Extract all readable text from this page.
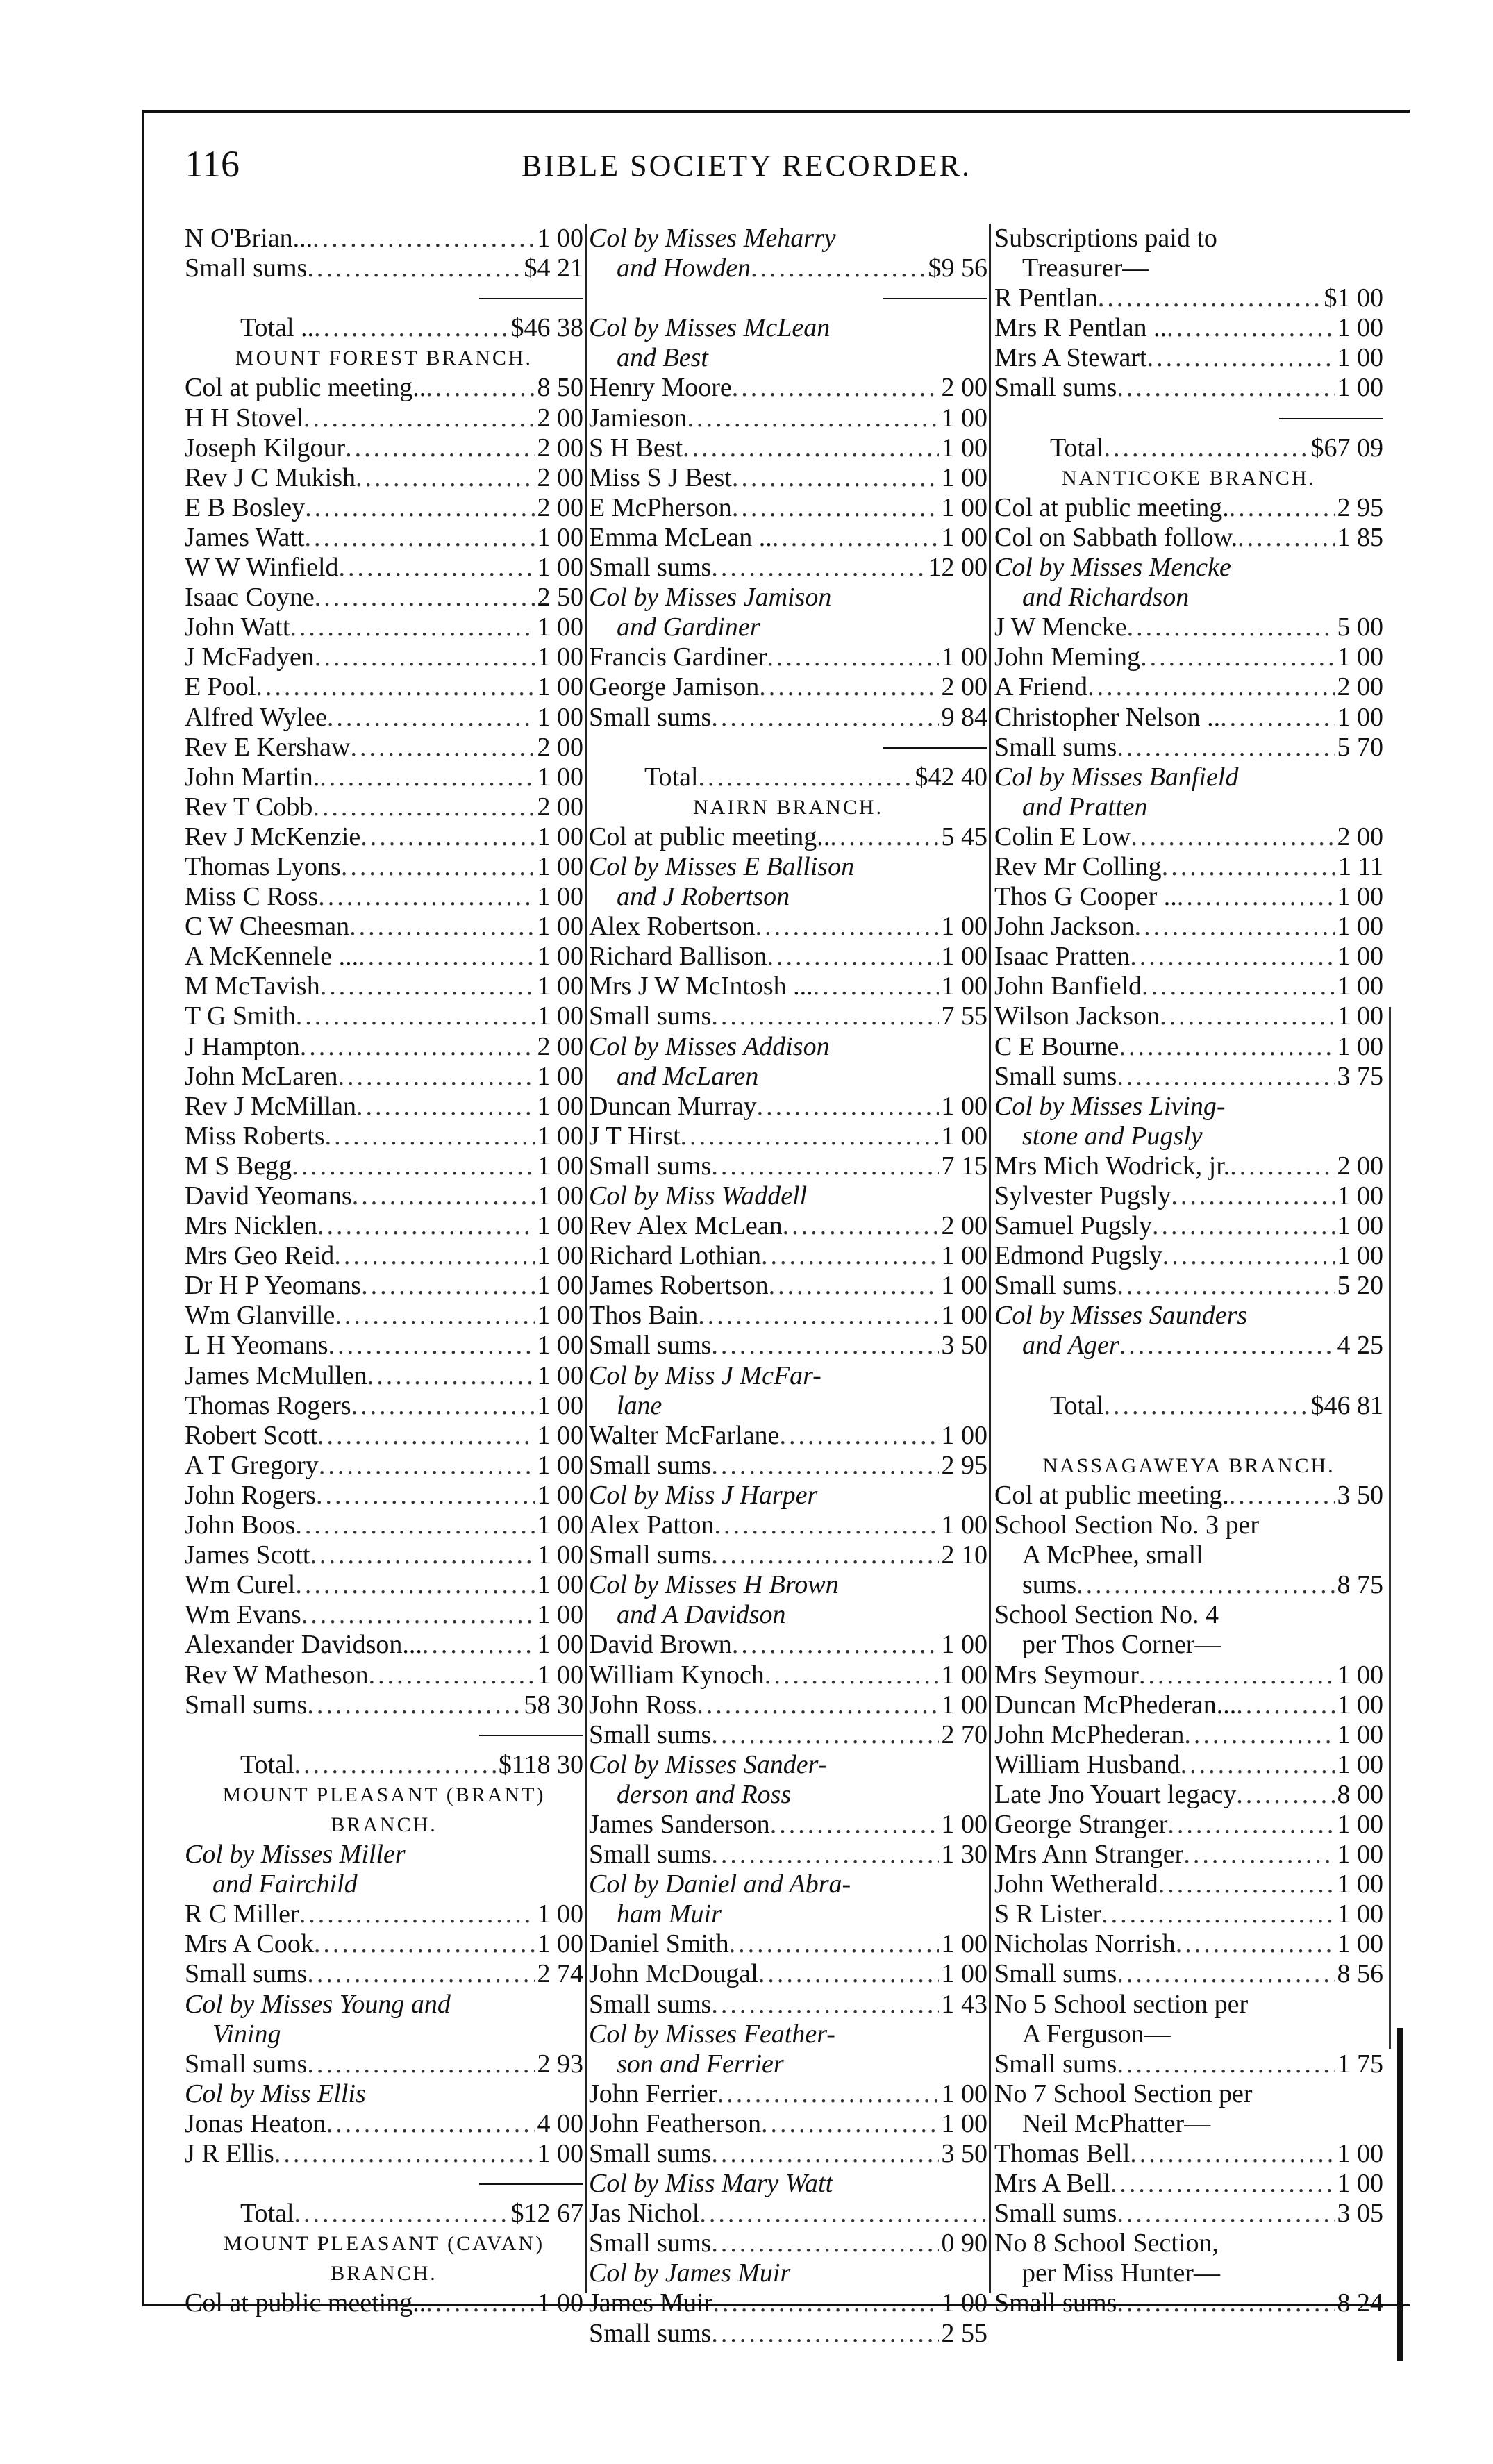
116	BIBLE SOCIETY RECORDER.
N O'Brian... .....	1 00
Small sums .....	$4 21
Total .. .....	$46 38
MOUNT FOREST BRANCH.
Col at public meeting.. .....	8 50
H H Stovel .....	2 00
Joseph Kilgour .....	2 00
Rev J C Mukish .....	2 00
E B Bosley .....	2 00
James Watt .....	1 00
W W Winfield .....	1 00
Isaac Coyne .....	2 50
John Watt .....	1 00
J McFadyen .....	1 00
E Pool .....	1 00
Alfred Wylee .....	1 00
Rev E Kershaw .....	2 00
John Martin. .....	1 00
Rev T Cobb .....	2 00
Rev J McKenzie .....	1 00
Thomas Lyons .....	1 00
Miss C Ross .....	1 00
C W Cheesman .....	1 00
A McKennele ... .....	1 00
M McTavish .....	1 00
T G Smith .....	1 00
J Hampton .....	2 00
John McLaren .....	1 00
Rev J McMillan .....	1 00
Miss Roberts .....	1 00
M S Begg .....	1 00
David Yeomans .....	1 00
Mrs Nicklen .....	1 00
Mrs Geo Reid .....	1 00
Dr H P Yeomans .....	1 00
Wm Glanville .....	1 00
L H Yeomans .....	1 00
James McMullen .....	1 00
Thomas Rogers .....	1 00
Robert Scott .....	1 00
A T Gregory .....	1 00
John Rogers .....	1 00
John Boos .....	1 00
James Scott .....	1 00
Wm Curel .....	1 00
Wm Evans .....	1 00
Alexander Davidson... .....	1 00
Rev W Matheson .....	1 00
Small sums .....	58 30
Total .....	$118 30
MOUNT PLEASANT (BRANT)
BRANCH.
Col by Misses Miller
and Fairchild
R C Miller .....	1 00
Mrs A Cook .....	1 00
Small sums .....	2 74
Col by Misses Young and
Vining
Small sums .....	2 93
Col by Miss Ellis
Jonas Heaton .....	4 00
J R Ellis .....	1 00
Total .....	$12 67
MOUNT PLEASANT (CAVAN)
BRANCH.
Col at public meeting.. .....	1 00
Col by Misses Meharry
and Howden .....	$9 56
Col by Misses McLean
and Best
Henry Moore .....	2 00
Jamieson .....	1 00
S H Best .....	1 00
Miss S J Best .....	1 00
E McPherson .....	1 00
Emma McLean .. .....	1 00
Small sums .....	12 00
Col by Misses Jamison
and Gardiner
Francis Gardiner .....	1 00
George Jamison .....	2 00
Small sums .....	9 84
Total .....	$42 40
NAIRN BRANCH.
Col at public meeting.. .....	5 45
Col by Misses E Ballison
and J Robertson
Alex Robertson .....	1 00
Richard Ballison .....	1 00
Mrs J W McIntosh ... .....	1 00
Small sums .....	7 55
Col by Misses Addison
and McLaren
Duncan Murray .....	1 00
J T Hirst .....	1 00
Small sums .....	7 15
Col by Miss Waddell
Rev Alex McLean .....	2 00
Richard Lothian .....	1 00
James Robertson .....	1 00
Thos Bain .....	1 00
Small sums .....	3 50
Col by Miss J McFar-
lane
Walter McFarlane .....	1 00
Small sums .....	2 95
Col by Miss J Harper
Alex Patton .....	1 00
Small sums .....	2 10
Col by Misses H Brown
and A Davidson
David Brown .....	1 00
William Kynoch .....	1 00
John Ross .....	1 00
Small sums .....	2 70
Col by Misses Sander-
derson and Ross
James Sanderson .....	1 00
Small sums .....	1 30
Col by Daniel and Abra-
ham Muir
Daniel Smith .....	1 00
John McDougal .....	1 00
Small sums .....	1 43
Col by Misses Feather-
son and Ferrier
John Ferrier .....	1 00
John Featherson .....	1 00
Small sums .....	3 50
Col by Miss Mary Watt
Jas Nichol
.....
Small sums .....	0 90
Col by James Muir
James Muir .....	1 00
Small sums .....	2 55
Subscriptions paid to
Treasurer—
R Pentlan .....	$1 00
Mrs R Pentlan .. .....	1 00
Mrs A Stewart .....	1 00
Small sums .....	1 00
Total .....	$67 09
NANTICOKE BRANCH.
Col at public meeting. .....	2 95
Col on Sabbath follow. .....	1 85
Col by Misses Mencke
and Richardson
J W Mencke .....	5 00
John Meming .....	1 00
A Friend .....	2 00
Christopher Nelson .. .....	1 00
Small sums .....	5 70
Col by Misses Banfield
and Pratten
Colin E Low .....	2 00
Rev Mr Colling .....	1 11
Thos G Cooper .. .....	1 00
John Jackson .....	1 00
Isaac Pratten .....	1 00
John Banfield .....	1 00
Wilson Jackson .....	1 00
C E Bourne .....	1 00
Small sums .....	3 75
Col by Misses Living-
stone and Pugsly
Mrs Mich Wodrick, jr. .....	2 00
Sylvester Pugsly .....	1 00
Samuel Pugsly .....	1 00
Edmond Pugsly .....	1 00
Small sums .....	5 20
Col by Misses Saunders
and Ager .....	4 25
Total .....	$46 81
NASSAGAWEYA BRANCH.
Col at public meeting. .....	3 50
School Section No. 3 per
A McPhee, small
sums .....	8 75
School Section No. 4
per Thos Corner—
Mrs Seymour .....	1 00
Duncan McPhederan... .....	1 00
John McPhederan .....	1 00
William Husband .....	1 00
Late Jno Youart legacy .....	8 00
George Stranger .....	1 00
Mrs Ann Stranger .....	1 00
John Wetherald .....	1 00
S R Lister .....	1 00
Nicholas Norrish .....	1 00
Small sums .....	8 56
No 5 School section per
A Ferguson—
Small sums .....	1 75
No 7 School Section per
Neil McPhatter—
Thomas Bell .....	1 00
Mrs A Bell .....	1 00
Small sums .....	3 05
No 8 School Section,
per Miss Hunter—
Small sums .....	8 24
